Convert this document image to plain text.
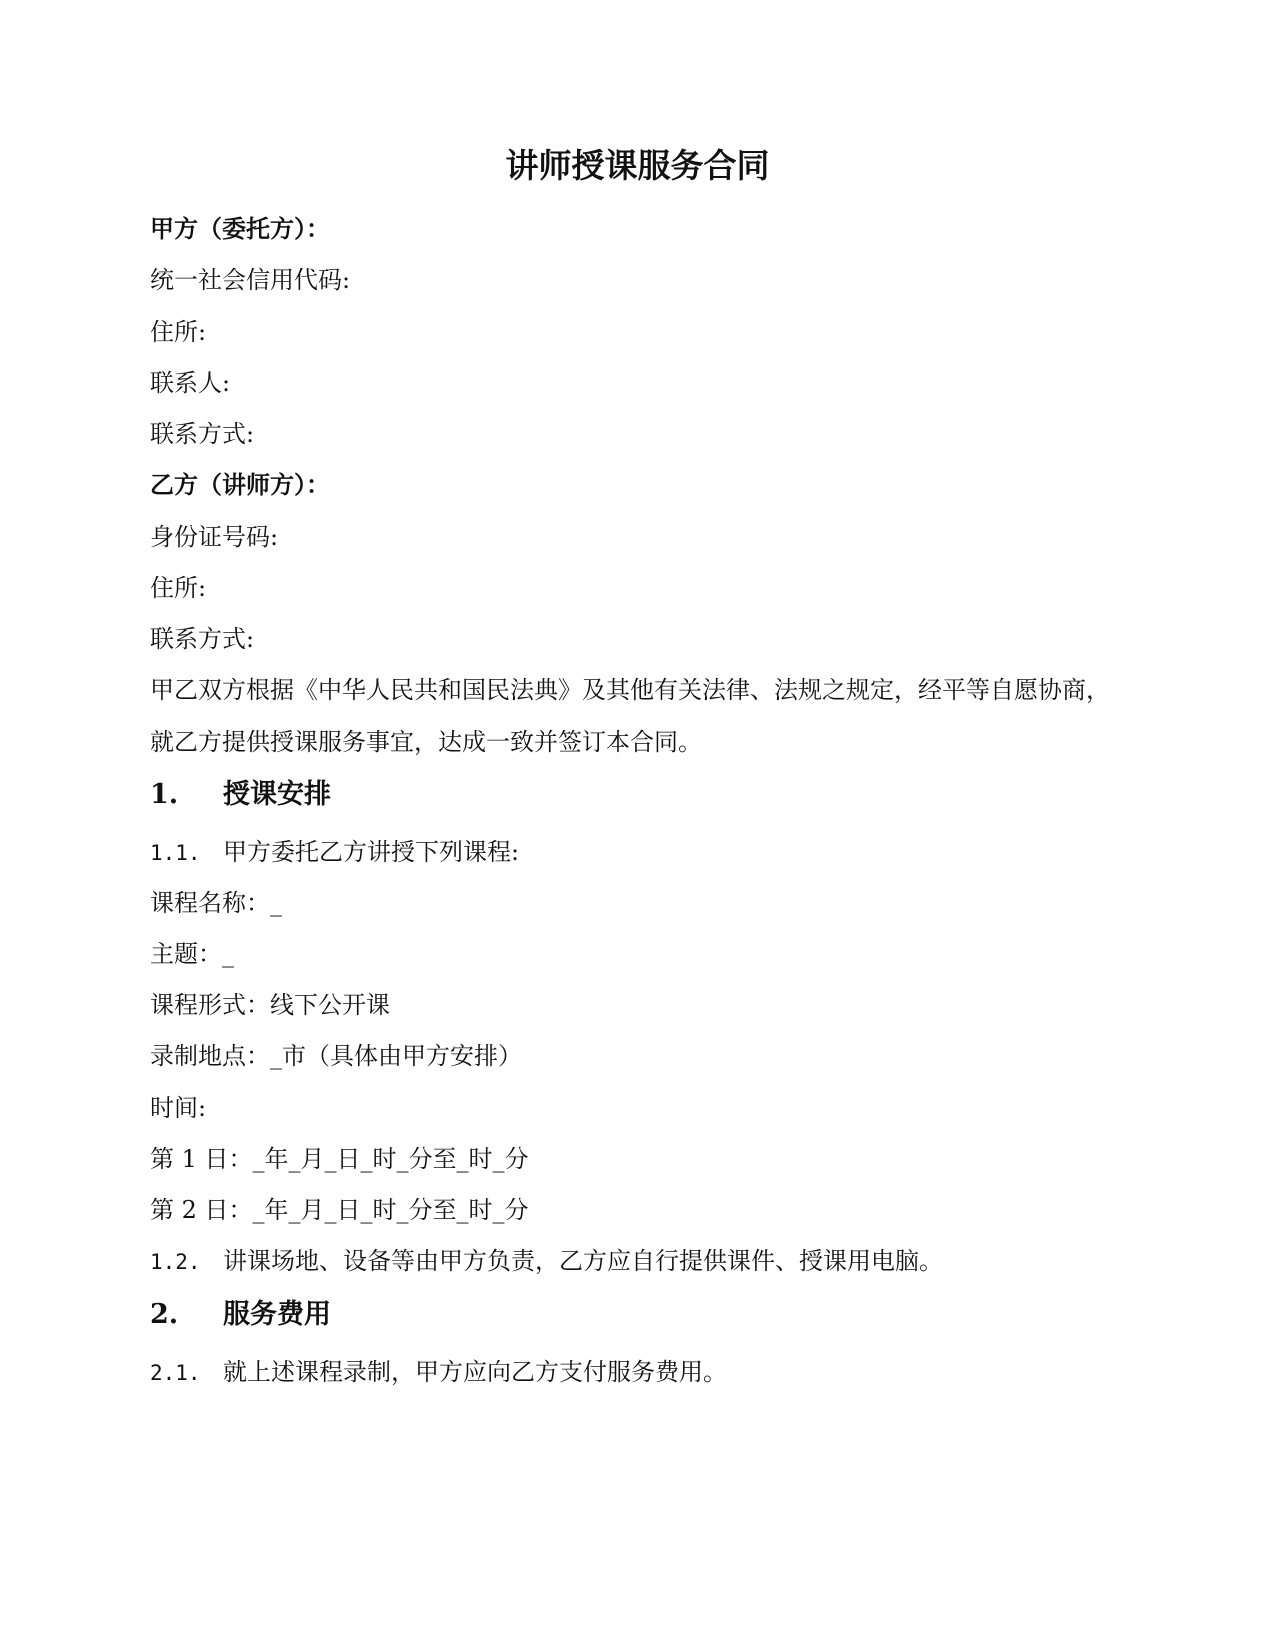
讲师授课服务合同
甲方（委托方）：
统一社会信用代码:
住所:
联系人:
联系方式:
乙方（讲师方）：
身份证号码:
住所:
联系方式:
甲乙双方根据《中华人民共和国民法典》及其他有关法律、法规之规定，经平等自愿协商，
就乙方提供授课服务事宜，达成一致并签订本合同。
1. 授课安排
1.1. 甲方委托乙方讲授下列课程:
课程名称：_
主题：_
课程形式：线下公开课
录制地点：_市（具体由甲方安排）
时间:
第 1 日：_年_月_日_时_分至_时_分
第 2 日：_年_月_日_时_分至_时_分
1.2. 讲课场地、设备等由甲方负责，乙方应自行提供课件、授课用电脑。
2. 服务费用
2.1. 就上述课程录制，甲方应向乙方支付服务费用。
